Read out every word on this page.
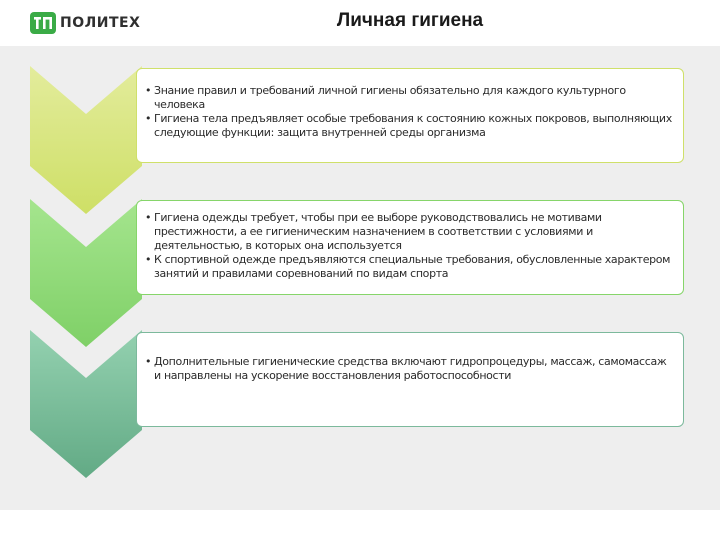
ПОЛИТЕХ	Личная гигиена
• Знание правил и требований личной гигиены обязательно для каждого культурного человека
• Гигиена тела предъявляет особые требования к состоянию кожных покровов, выполняющих следующие функции: защита внутренней среды организма
• Гигиена одежды требует, чтобы при ее выборе руководствовались не мотивами престижности, а ее гигиеническим назначением в соответствии с условиями и деятельностью, в которых она используется
• К спортивной одежде предъявляются специальные требования, обусловленные характером занятий и правилами соревнований по видам спорта
• Дополнительные гигиенические средства включают гидропроцедуры, массаж, самомассаж и направлены на ускорение восстановления работоспособности
